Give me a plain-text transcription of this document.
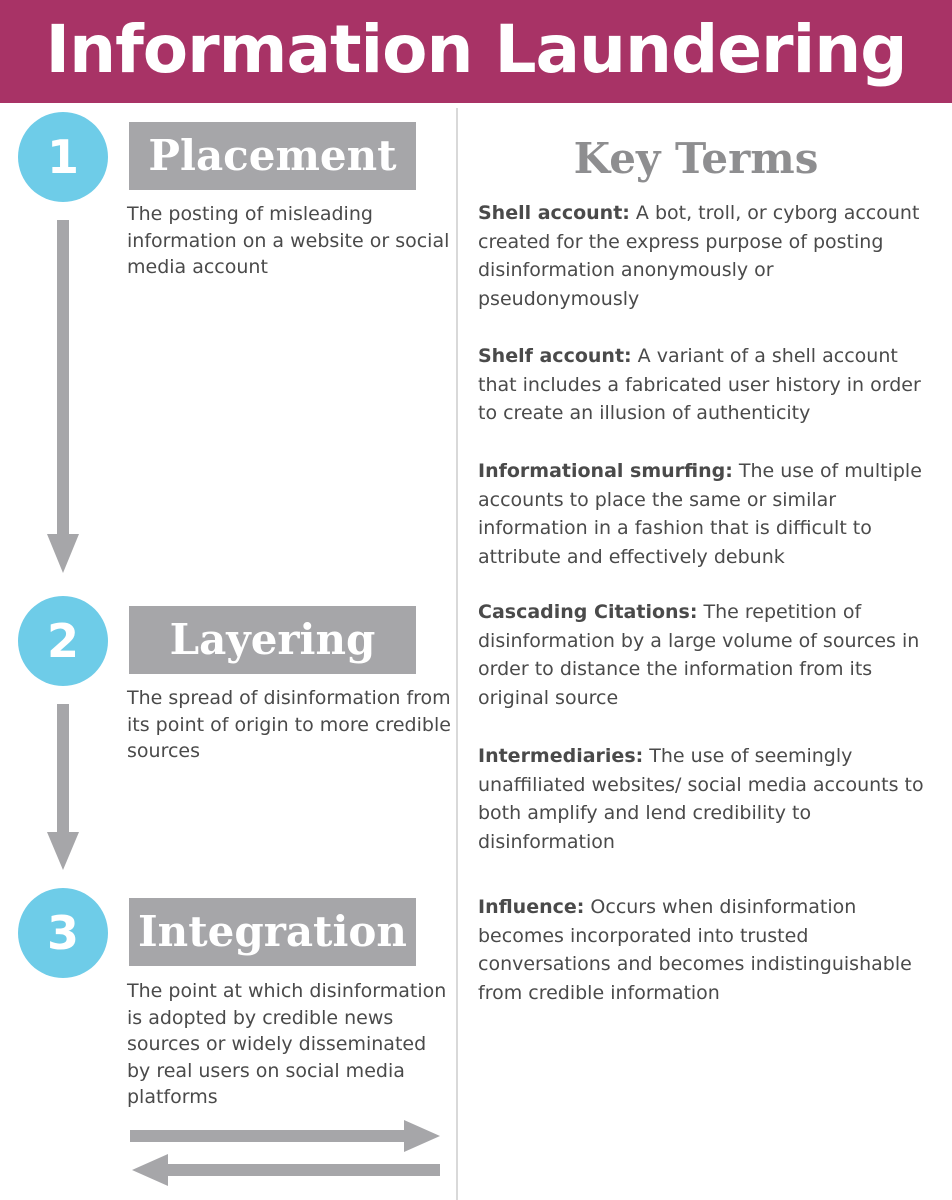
Information Laundering
1	Placement
The posting of misleading information on a website or social media account
2	Layering
The spread of disinformation from its point of origin to more credible sources
3	Integration
The point at which disinformation is adopted by credible news sources or widely disseminated by real users on social media platforms
Key Terms
Shell account: A bot, troll, or cyborg account created for the express purpose of posting disinformation anonymously or pseudonymously
Shelf account: A variant of a shell account that includes a fabricated user history in order to create an illusion of authenticity
Informational smurfing: The use of multiple accounts to place the same or similar information in a fashion that is difficult to attribute and effectively debunk
Cascading Citations: The repetition of disinformation by a large volume of sources in order to distance the information from its original source
Intermediaries: The use of seemingly unaffiliated websites/ social media accounts to both amplify and lend credibility to disinformation
Influence: Occurs when disinformation becomes incorporated into trusted conversations and becomes indistinguishable from credible information
